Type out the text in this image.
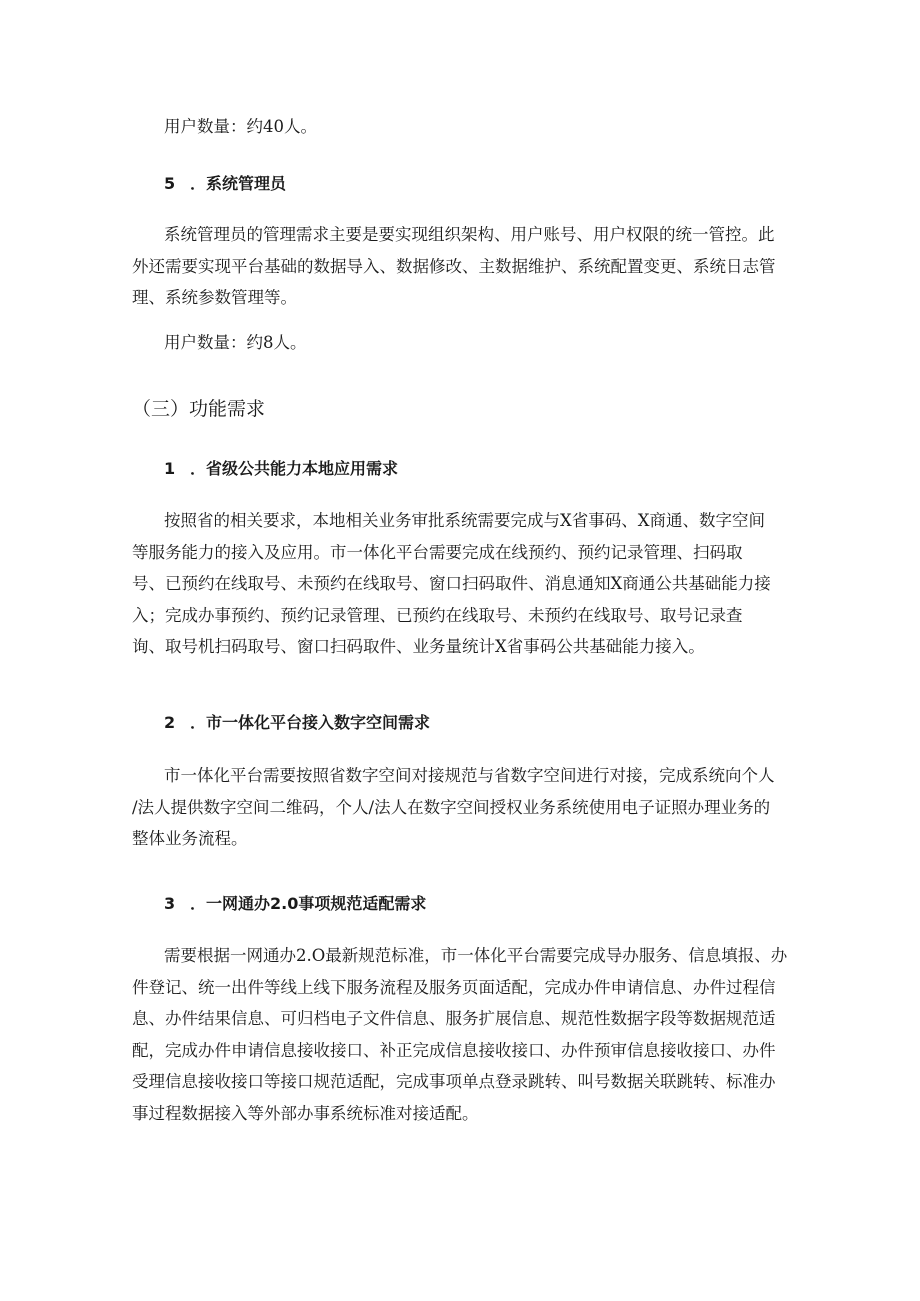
用户数量：约40人。

5 ．系统管理员

系统管理员的管理需求主要是要实现组织架构、用户账号、用户权限的统一管控。此
外还需要实现平台基础的数据导入、数据修改、主数据维护、系统配置变更、系统日志管
理、系统参数管理等。

用户数量：约8人。

（三）功能需求

1 ．省级公共能力本地应用需求

按照省的相关要求，本地相关业务审批系统需要完成与X省事码、X商通、数字空间
等服务能力的接入及应用。市一体化平台需要完成在线预约、预约记录管理、扫码取
号、已预约在线取号、未预约在线取号、窗口扫码取件、消息通知X商通公共基础能力接
入；完成办事预约、预约记录管理、已预约在线取号、未预约在线取号、取号记录查
询、取号机扫码取号、窗口扫码取件、业务量统计X省事码公共基础能力接入。

2 ．市一体化平台接入数字空间需求

市一体化平台需要按照省数字空间对接规范与省数字空间进行对接，完成系统向个人
/法人提供数字空间二维码，个人/法人在数字空间授权业务系统使用电子证照办理业务的
整体业务流程。

3 ．一网通办2.0事项规范适配需求

需要根据一网通办2.O最新规范标准，市一体化平台需要完成导办服务、信息填报、办
件登记、统一出件等线上线下服务流程及服务页面适配，完成办件申请信息、办件过程信
息、办件结果信息、可归档电子文件信息、服务扩展信息、规范性数据字段等数据规范适
配，完成办件申请信息接收接口、补正完成信息接收接口、办件预审信息接收接口、办件
受理信息接收接口等接口规范适配，完成事项单点登录跳转、叫号数据关联跳转、标准办
事过程数据接入等外部办事系统标准对接适配。
